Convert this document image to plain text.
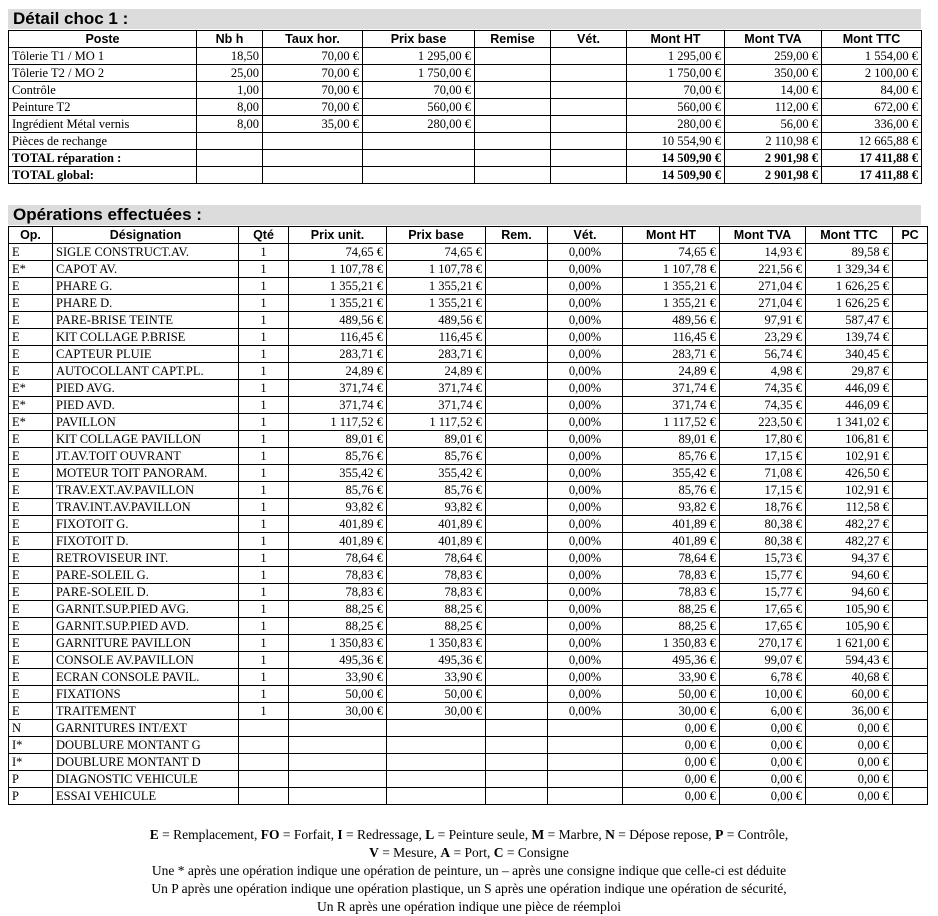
Détail choc 1 :
Poste	Nb h	Taux hor.	Prix base	Remise	Vét.	Mont HT	Mont TVA	Mont TTC
Tôlerie T1 / MO 1	18,50	70,00 €	1 295,00 €			1 295,00 €	259,00 €	1 554,00 €
Tôlerie T2 / MO 2	25,00	70,00 €	1 750,00 €			1 750,00 €	350,00 €	2 100,00 €
Contrôle	1,00	70,00 €	70,00 €			70,00 €	14,00 €	84,00 €
Peinture T2	8,00	70,00 €	560,00 €			560,00 €	112,00 €	672,00 €
Ingrédient Métal vernis	8,00	35,00 €	280,00 €			280,00 €	56,00 €	336,00 €
Pièces de rechange						10 554,90 €	2 110,98 €	12 665,88 €
TOTAL réparation :						14 509,90 €	2 901,98 €	17 411,88 €
TOTAL global:						14 509,90 €	2 901,98 €	17 411,88 €
Opérations effectuées :
Op.	Désignation	Qté	Prix unit.	Prix base	Rem.	Vét.	Mont HT	Mont TVA	Mont TTC	PC
E	SIGLE CONSTRUCT.AV.	1	74,65 €	74,65 €		0,00%	74,65 €	14,93 €	89,58 €	
E*	CAPOT AV.	1	1 107,78 €	1 107,78 €		0,00%	1 107,78 €	221,56 €	1 329,34 €	
E	PHARE G.	1	1 355,21 €	1 355,21 €		0,00%	1 355,21 €	271,04 €	1 626,25 €	
E	PHARE D.	1	1 355,21 €	1 355,21 €		0,00%	1 355,21 €	271,04 €	1 626,25 €	
E	PARE-BRISE TEINTE	1	489,56 €	489,56 €		0,00%	489,56 €	97,91 €	587,47 €	
E	KIT COLLAGE P.BRISE	1	116,45 €	116,45 €		0,00%	116,45 €	23,29 €	139,74 €	
E	CAPTEUR PLUIE	1	283,71 €	283,71 €		0,00%	283,71 €	56,74 €	340,45 €	
E	AUTOCOLLANT CAPT.PL.	1	24,89 €	24,89 €		0,00%	24,89 €	4,98 €	29,87 €	
E*	PIED AVG.	1	371,74 €	371,74 €		0,00%	371,74 €	74,35 €	446,09 €	
E*	PIED AVD.	1	371,74 €	371,74 €		0,00%	371,74 €	74,35 €	446,09 €	
E*	PAVILLON	1	1 117,52 €	1 117,52 €		0,00%	1 117,52 €	223,50 €	1 341,02 €	
E	KIT COLLAGE PAVILLON	1	89,01 €	89,01 €		0,00%	89,01 €	17,80 €	106,81 €	
E	JT.AV.TOIT OUVRANT	1	85,76 €	85,76 €		0,00%	85,76 €	17,15 €	102,91 €	
E	MOTEUR TOIT PANORAM.	1	355,42 €	355,42 €		0,00%	355,42 €	71,08 €	426,50 €	
E	TRAV.EXT.AV.PAVILLON	1	85,76 €	85,76 €		0,00%	85,76 €	17,15 €	102,91 €	
E	TRAV.INT.AV.PAVILLON	1	93,82 €	93,82 €		0,00%	93,82 €	18,76 €	112,58 €	
E	FIXOTOIT G.	1	401,89 €	401,89 €		0,00%	401,89 €	80,38 €	482,27 €	
E	FIXOTOIT D.	1	401,89 €	401,89 €		0,00%	401,89 €	80,38 €	482,27 €	
E	RETROVISEUR INT.	1	78,64 €	78,64 €		0,00%	78,64 €	15,73 €	94,37 €	
E	PARE-SOLEIL G.	1	78,83 €	78,83 €		0,00%	78,83 €	15,77 €	94,60 €	
E	PARE-SOLEIL D.	1	78,83 €	78,83 €		0,00%	78,83 €	15,77 €	94,60 €	
E	GARNIT.SUP.PIED AVG.	1	88,25 €	88,25 €		0,00%	88,25 €	17,65 €	105,90 €	
E	GARNIT.SUP.PIED AVD.	1	88,25 €	88,25 €		0,00%	88,25 €	17,65 €	105,90 €	
E	GARNITURE PAVILLON	1	1 350,83 €	1 350,83 €		0,00%	1 350,83 €	270,17 €	1 621,00 €	
E	CONSOLE AV.PAVILLON	1	495,36 €	495,36 €		0,00%	495,36 €	99,07 €	594,43 €	
E	ECRAN CONSOLE PAVIL.	1	33,90 €	33,90 €		0,00%	33,90 €	6,78 €	40,68 €	
E	FIXATIONS	1	50,00 €	50,00 €		0,00%	50,00 €	10,00 €	60,00 €	
E	TRAITEMENT	1	30,00 €	30,00 €		0,00%	30,00 €	6,00 €	36,00 €	
N	GARNITURES INT/EXT						0,00 €	0,00 €	0,00 €	
I*	DOUBLURE MONTANT G						0,00 €	0,00 €	0,00 €	
I*	DOUBLURE MONTANT D						0,00 €	0,00 €	0,00 €	
P	DIAGNOSTIC VEHICULE						0,00 €	0,00 €	0,00 €	
P	ESSAI VEHICULE						0,00 €	0,00 €	0,00 €	
E = Remplacement, FO = Forfait, I = Redressage, L = Peinture seule, M = Marbre, N = Dépose repose, P = Contrôle,
V = Mesure, A = Port, C = Consigne
Une * après une opération indique une opération de peinture, un – après une consigne indique que celle-ci est déduite
Un P après une opération indique une opération plastique, un S après une opération indique une opération de sécurité,
Un R après une opération indique une pièce de réemploi
